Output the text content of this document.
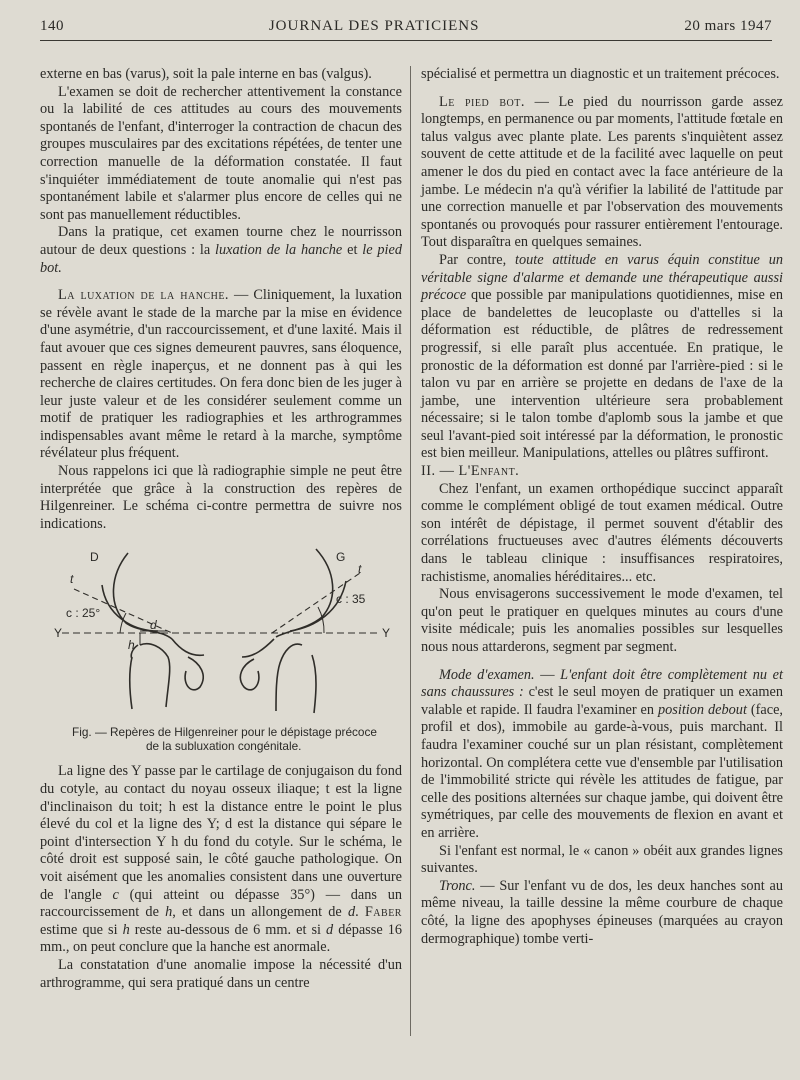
140	JOURNAL DES PRATICIENS	20 mars 1947

externe en bas (varus), soit la pale interne en bas (valgus).

L'examen se doit de rechercher attentivement la constance ou la labilité de ces attitudes au cours des mouvements spontanés de l'enfant, d'interroger la contraction de chacun des groupes musculaires par des excitations répétées, de tenter une correction manuelle de la déformation constatée. Il faut s'inquiéter immédiatement de toute anomalie qui n'est pas spontanément labile et s'alarmer plus encore de celles qui ne sont pas manuellement réductibles.

Dans la pratique, cet examen tourne chez le nourrisson autour de deux questions : la luxation de la hanche et le pied bot.

La luxation de la hanche. — Cliniquement, la luxation se révèle avant le stade de la marche par la mise en évidence d'une asymétrie, d'un raccourcissement, et d'une laxité. Mais il faut avouer que ces signes demeurent pauvres, sans éloquence, passent en règle inaperçus, et ne donnent pas à qui les recherche de claires certitudes. On fera donc bien de les juger à leur juste valeur et de les considérer seulement comme un motif de pratiquer les radiographies et les arthrogrammes indispensables avant même le retard à la marche, symptôme révélateur plus fréquent.

Nous rappelons ici que là radiographie simple ne peut être interprétée que grâce à la construction des repères de Hilgenreiner. Le schéma ci-contre permettra de suivre nos indications.

D	G
t
t
c : 25°
c : 35
Y	Y
h
d

Fig. — Repères de Hilgenreiner pour le dépistage précoce
de la subluxation congénitale.

La ligne des Y passe par le cartilage de conjugaison du fond du cotyle, au contact du noyau osseux iliaque; t est la ligne d'inclinaison du toit; h est la distance entre le point le plus élevé du col et la ligne des Y; d est la distance qui sépare le point d'intersection Y h du fond du cotyle. Sur le schéma, le côté droit est supposé sain, le côté gauche pathologique. On voit aisément que les anomalies consistent dans une ouverture de l'angle c (qui atteint ou dépasse 35°) — dans un raccourcissement de h, et dans un allongement de d. Faber estime que si h reste au-dessous de 6 mm. et si d dépasse 16 mm., on peut conclure que la hanche est anormale.

La constatation d'une anomalie impose la nécessité d'un arthrogramme, qui sera pratiqué dans un centre

spécialisé et permettra un diagnostic et un traitement précoces.

Le pied bot. — Le pied du nourrisson garde assez longtemps, en permanence ou par moments, l'attitude fœtale en talus valgus avec plante plate. Les parents s'inquiètent assez souvent de cette attitude et de la facilité avec laquelle on peut amener le dos du pied en contact avec la face antérieure de la jambe. Le médecin n'a qu'à vérifier la labilité de l'attitude par une correction manuelle et par l'observation des mouvements spontanés ou provoqués pour rassurer entièrement l'entourage. Tout disparaîtra en quelques semaines.

Par contre, toute attitude en varus équin constitue un véritable signe d'alarme et demande une thérapeutique aussi précoce que possible par manipulations quotidiennes, mise en place de bandelettes de leucoplaste ou d'attelles si la déformation est réductible, de plâtres de redressement progressif, si elle paraît plus accentuée. En pratique, le pronostic de la déformation est donné par l'arrière-pied : si le talon vu par en arrière se projette en dedans de l'axe de la jambe, une intervention ultérieure sera probablement nécessaire; si le talon tombe d'aplomb sous la jambe et que seul l'avant-pied soit intéressé par la déformation, le pronostic est bien meilleur. Manipulations, attelles ou plâtres suffiront.

II. — L'Enfant.

Chez l'enfant, un examen orthopédique succinct apparaît comme le complément obligé de tout examen médical. Outre son intérêt de dépistage, il permet souvent d'établir des corrélations fructueuses avec d'autres éléments découverts dans le tableau clinique : insuffisances respiratoires, rachistisme, anomalies héréditaires... etc.

Nous envisagerons successivement le mode d'examen, tel qu'on peut le pratiquer en quelques minutes au cours d'une visite médicale; puis les anomalies possibles sur lesquelles nous nous attarderons, segment par segment.

Mode d'examen. — L'enfant doit être complètement nu et sans chaussures : c'est le seul moyen de pratiquer un examen valable et rapide. Il faudra l'examiner en position debout (face, profil et dos), immobile au garde-à-vous, puis marchant. Il faudra l'examiner couché sur un plan résistant, complètement horizontal. On complétera cette vue d'ensemble par l'utilisation de l'immobilité stricte qui révèle les attitudes de fatigue, par celle des positions alternées sur chaque jambe, qui doivent être symétriques, par celle des mouvements de flexion en avant et en arrière.

Si l'enfant est normal, le « canon » obéit aux grandes lignes suivantes.

Tronc. — Sur l'enfant vu de dos, les deux hanches sont au même niveau, la taille dessine la même courbure de chaque côté, la ligne des apophyses épineuses (marquées au crayon dermographique) tombe verti-
